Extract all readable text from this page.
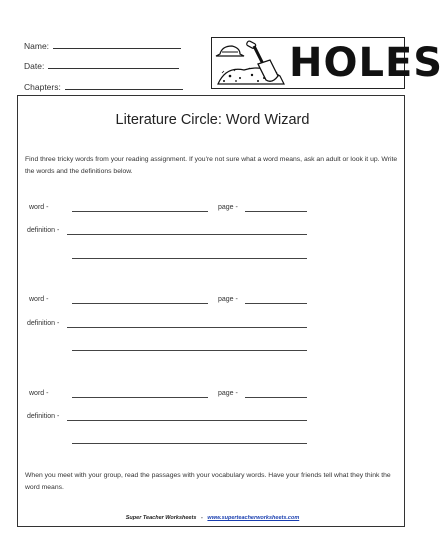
Name:
Date:
Chapters:
HOLES
Literature Circle: Word Wizard
Find three tricky words from your reading assignment. If you're not sure what a word means, ask an adult or look it up. Write the words and the definitions below.
word -	page -
definition -
word -	page -
definition -
word -	page -
definition -
When you meet with your group, read the passages with your vocabulary words. Have your friends tell what they think the word means.
Super Teacher Worksheets - www.superteacherworksheets.com
